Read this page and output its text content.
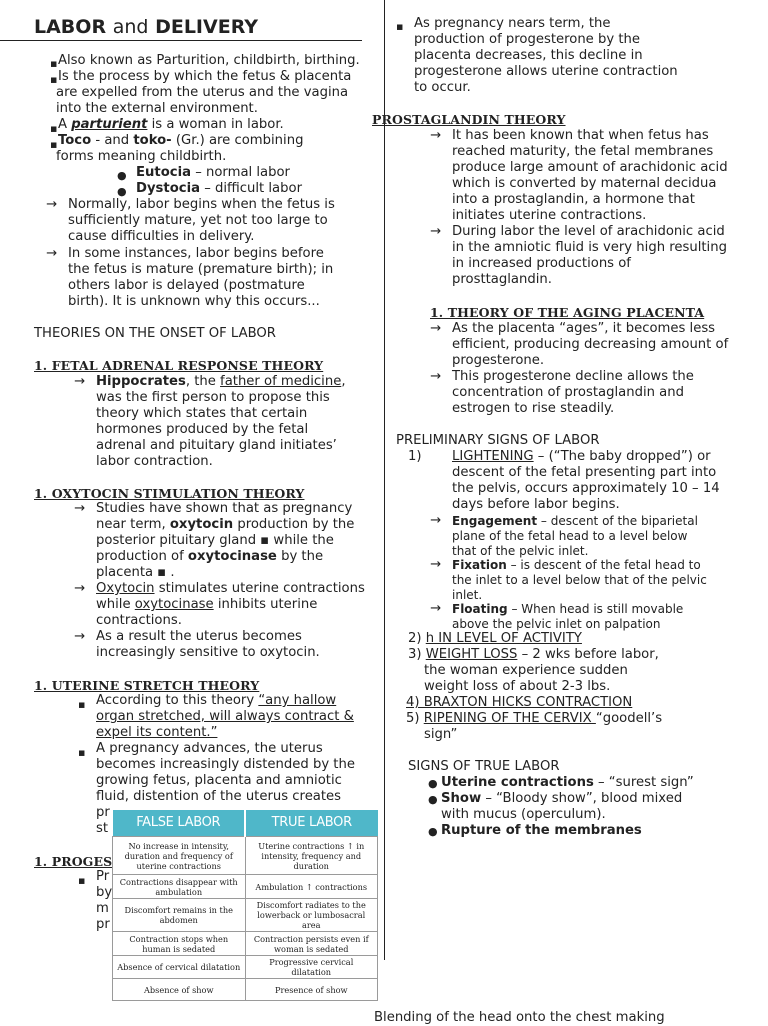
LABOR and DELIVERY
▪ Also known as Parturition, childbirth, birthing.
▪ Is the process by which the fetus & placenta
are expelled from the uterus and the vagina
into the external environment.
▪ A parturient is a woman in labor.
▪ Toco - and toko- (Gr.) are combining
forms meaning childbirth.
● Eutocia – normal labor
● Dystocia – difficult labor
→ Normally, labor begins when the fetus is
sufficiently mature, yet not too large to
cause difficulties in delivery.
→ In some instances, labor begins before
the fetus is mature (premature birth); in
others labor is delayed (postmature
birth). It is unknown why this occurs...
THEORIES ON THE ONSET OF LABOR
1. FETAL ADRENAL RESPONSE THEORY
→ Hippocrates, the father of medicine,
was the first person to propose this
theory which states that certain
hormones produced by the fetal
adrenal and pituitary gland initiates’
labor contraction.
1. OXYTOCIN STIMULATION THEORY
→ Studies have shown that as pregnancy
near term, oxytocin production by the
posterior pituitary gland ▪ while the
production of oxytocinase by the
placenta ▪ .
→ Oxytocin stimulates uterine contractions
while oxytocinase inhibits uterine
contractions.
→ As a result the uterus becomes
increasingly sensitive to oxytocin.
1. UTERINE STRETCH THEORY
▪ According to this theory “any hallow
organ stretched, will always contract &
expel its content.”
▪ A pregnancy advances, the uterus
becomes increasingly distended by the
growing fetus, placenta and amniotic
fluid, distention of the uterus creates
pr
st
1. PROGES
▪ Pr
by
m
pr
FALSE LABOR	TRUE LABOR
No increase in intensity, duration and frequency of uterine contractions	Uterine contractions ↑ in intensity, frequency and duration
Contractions disappear with ambulation	Ambulation ↑ contractions
Discomfort remains in the abdomen	Discomfort radiates to the lowerback or lumbosacral area
Contraction stops when human is sedated	Contraction persists even if woman is sedated
Absence of cervical dilatation	Progressive cervical dilatation
Absence of show	Presence of show
▪ As pregnancy nears term, the
production of progesterone by the
placenta decreases, this decline in
progesterone allows uterine contraction
to occur.
PROSTAGLANDIN THEORY
→ It has been known that when fetus has
reached maturity, the fetal membranes
produce large amount of arachidonic acid
which is converted by maternal decidua
into a prostaglandin, a hormone that
initiates uterine contractions.
→ During labor the level of arachidonic acid
in the amniotic fluid is very high resulting
in increased productions of
prosttaglandin.
1. THEORY OF THE AGING PLACENTA
→ As the placenta “ages”, it becomes less
efficient, producing decreasing amount of
progesterone.
→ This progesterone decline allows the
concentration of prostaglandin and
estrogen to rise steadily.
PRELIMINARY SIGNS OF LABOR
1) LIGHTENING – (“The baby dropped”) or
descent of the fetal presenting part into
the pelvis, occurs approximately 10 – 14
days before labor begins.
→ Engagement – descent of the biparietal
plane of the fetal head to a level below
that of the pelvic inlet.
→ Fixation – is descent of the fetal head to
the inlet to a level below that of the pelvic
inlet.
→ Floating – When head is still movable
above the pelvic inlet on palpation
2) h IN LEVEL OF ACTIVITY
3) WEIGHT LOSS – 2 wks before labor,
the woman experience sudden
weight loss of about 2-3 lbs.
4) BRAXTON HICKS CONTRACTION
5) RIPENING OF THE CERVIX “goodell’s
sign”
SIGNS OF TRUE LABOR
● Uterine contractions – “surest sign”
● Show – “Bloody show”, blood mixed
with mucus (operculum).
● Rupture of the membranes
Blending of the head onto the chest making
